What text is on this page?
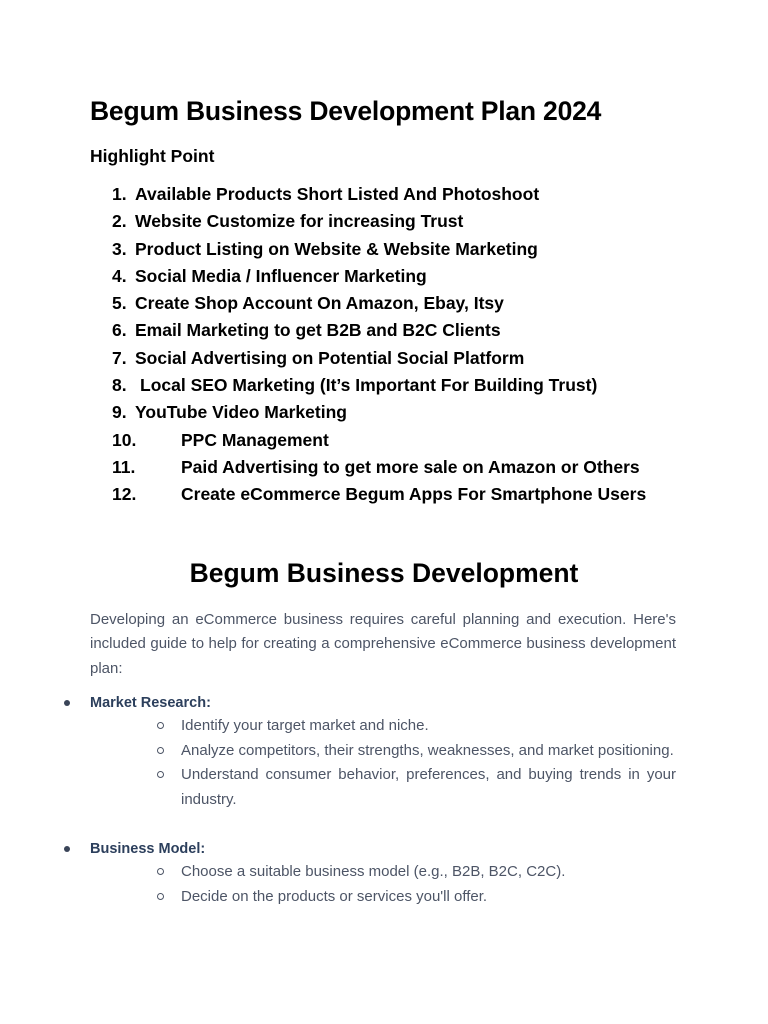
Begum Business Development Plan 2024
Highlight Point
1. Available Products Short Listed And Photoshoot
2. Website Customize for increasing Trust
3. Product Listing on Website & Website Marketing
4. Social Media / Influencer Marketing
5. Create Shop Account On Amazon, Ebay, Itsy
6. Email Marketing to get B2B and B2C Clients
7. Social Advertising on Potential Social Platform
8. Local SEO Marketing (It’s Important For Building Trust)
9. YouTube Video Marketing
10.	PPC Management
11.	Paid Advertising to get more sale on Amazon or Others
12.	Create eCommerce Begum Apps For Smartphone Users
Begum Business Development

Developing an eCommerce business requires careful planning and execution. Here's included guide to help for creating a comprehensive eCommerce business development plan:

Market Research:
Identify your target market and niche.
Analyze competitors, their strengths, weaknesses, and market positioning.
Understand consumer behavior, preferences, and buying trends in your industry.
Business Model:
Choose a suitable business model (e.g., B2B, B2C, C2C).
Decide on the products or services you'll offer.
